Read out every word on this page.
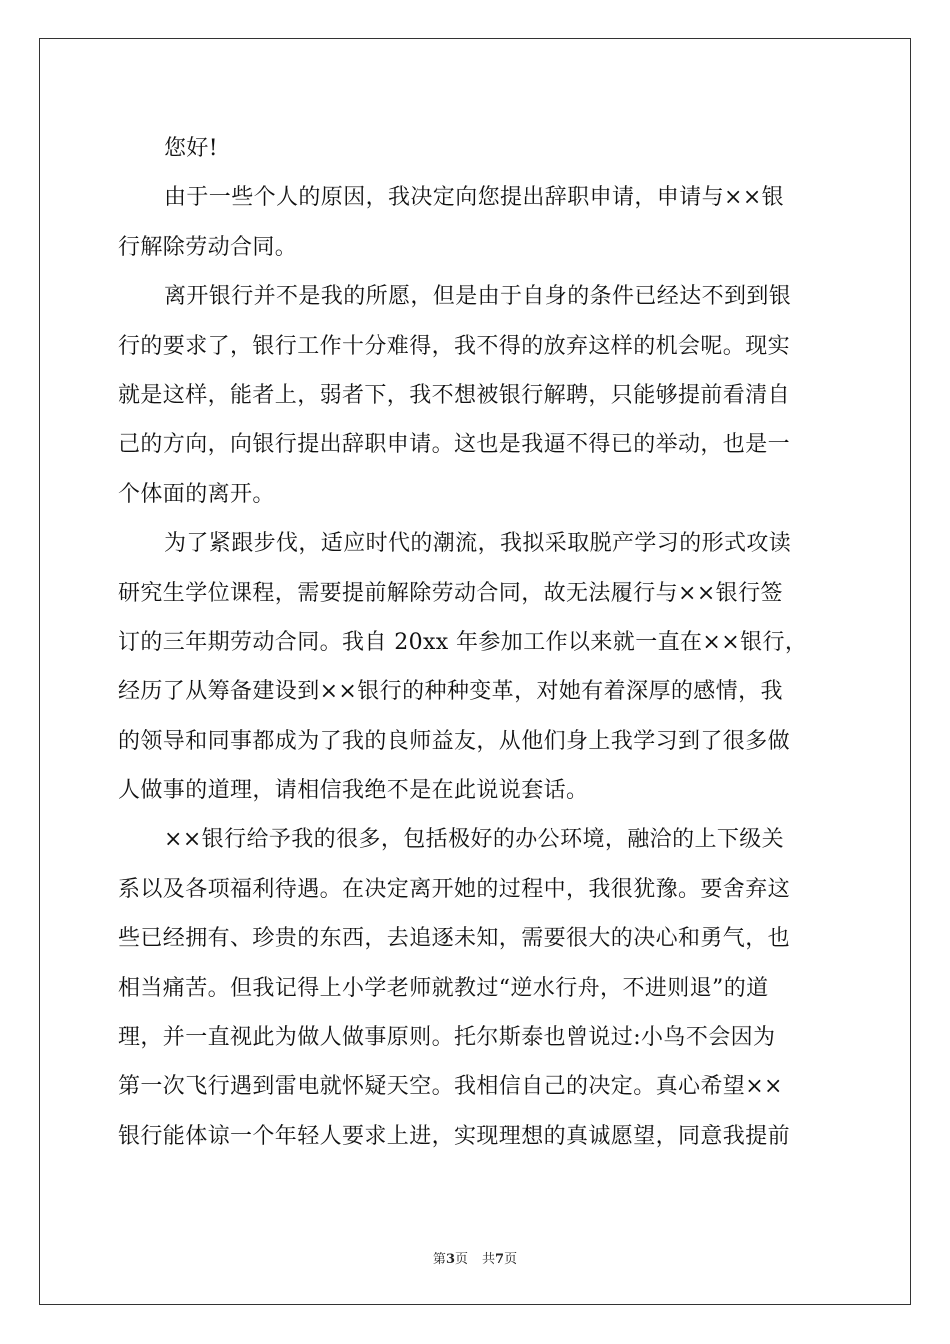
您好!
由于一些个人的原因，我决定向您提出辞职申请，申请与××银
行解除劳动合同。
离开银行并不是我的所愿，但是由于自身的条件已经达不到到银
行的要求了，银行工作十分难得，我不得的放弃这样的机会呢。现实
就是这样，能者上，弱者下，我不想被银行解聘，只能够提前看清自
己的方向，向银行提出辞职申请。这也是我逼不得已的举动，也是一
个体面的离开。
为了紧跟步伐，适应时代的潮流，我拟采取脱产学习的形式攻读
研究生学位课程，需要提前解除劳动合同，故无法履行与××银行签
订的三年期劳动合同。我自 20xx 年参加工作以来就一直在××银行，
经历了从筹备建设到××银行的种种变革，对她有着深厚的感情，我
的领导和同事都成为了我的良师益友，从他们身上我学习到了很多做
人做事的道理，请相信我绝不是在此说说套话。
××银行给予我的很多，包括极好的办公环境，融洽的上下级关
系以及各项福利待遇。在决定离开她的过程中，我很犹豫。要舍弃这
些已经拥有、珍贵的东西，去追逐未知，需要很大的决心和勇气，也
相当痛苦。但我记得上小学老师就教过“逆水行舟，不进则退”的道
理，并一直视此为做人做事原则。托尔斯泰也曾说过:小鸟不会因为
第一次飞行遇到雷电就怀疑天空。我相信自己的决定。真心希望××
银行能体谅一个年轻人要求上进，实现理想的真诚愿望，同意我提前
第3页 共7页
